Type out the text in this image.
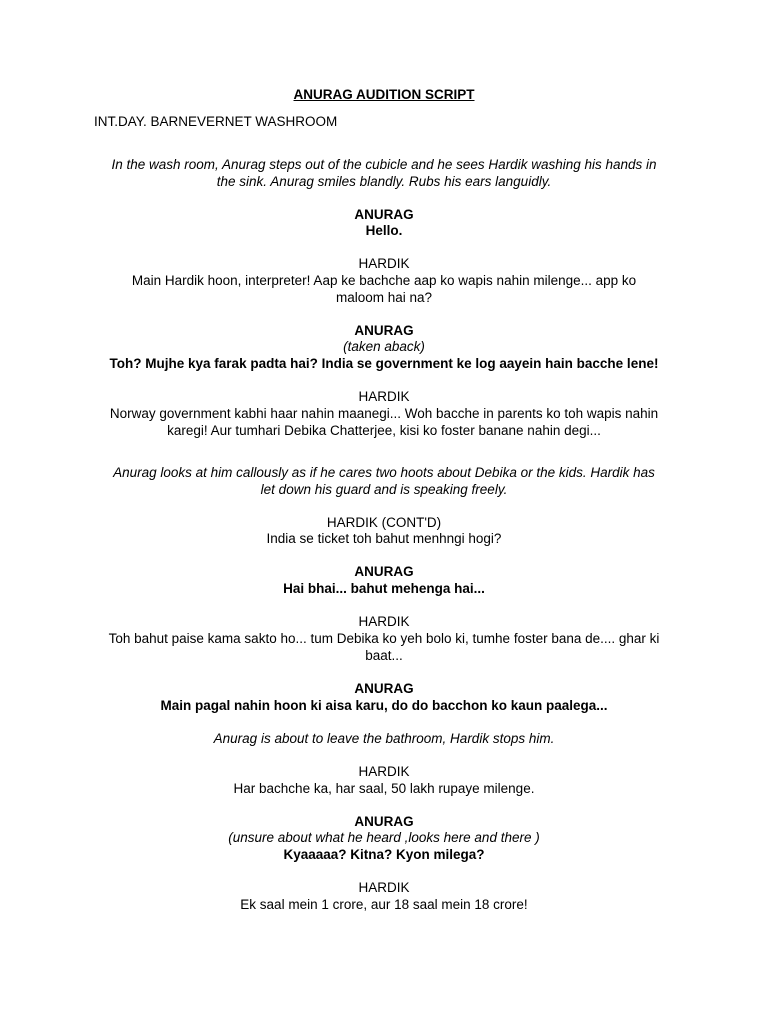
ANURAG AUDITION SCRIPT
INT.DAY. BARNEVERNET WASHROOM
In the wash room, Anurag steps out of the cubicle and he sees Hardik washing his hands in
the sink. Anurag smiles blandly. Rubs his ears languidly.
ANURAG
Hello.
HARDIK
Main Hardik hoon, interpreter! Aap ke bachche aap ko wapis nahin milenge... app ko
maloom hai na?
ANURAG
(taken aback)
Toh? Mujhe kya farak padta hai? India se government ke log aayein hain bacche lene!
HARDIK
Norway government kabhi haar nahin maanegi... Woh bacche in parents ko toh wapis nahin
karegi! Aur tumhari Debika Chatterjee, kisi ko foster banane nahin degi...
Anurag looks at him callously as if he cares two hoots about Debika or the kids. Hardik has
let down his guard and is speaking freely.
HARDIK (CONT'D)
India se ticket toh bahut menhngi hogi?
ANURAG
Hai bhai... bahut mehenga hai...
HARDIK
Toh bahut paise kama sakto ho... tum Debika ko yeh bolo ki, tumhe foster bana de.... ghar ki
baat...
ANURAG
Main pagal nahin hoon ki aisa karu, do do bacchon ko kaun paalega...
Anurag is about to leave the bathroom, Hardik stops him.
HARDIK
Har bachche ka, har saal, 50 lakh rupaye milenge.
ANURAG
(unsure about what he heard ,looks here and there )
Kyaaaaa? Kitna? Kyon milega?
HARDIK
Ek saal mein 1 crore, aur 18 saal mein 18 crore!
